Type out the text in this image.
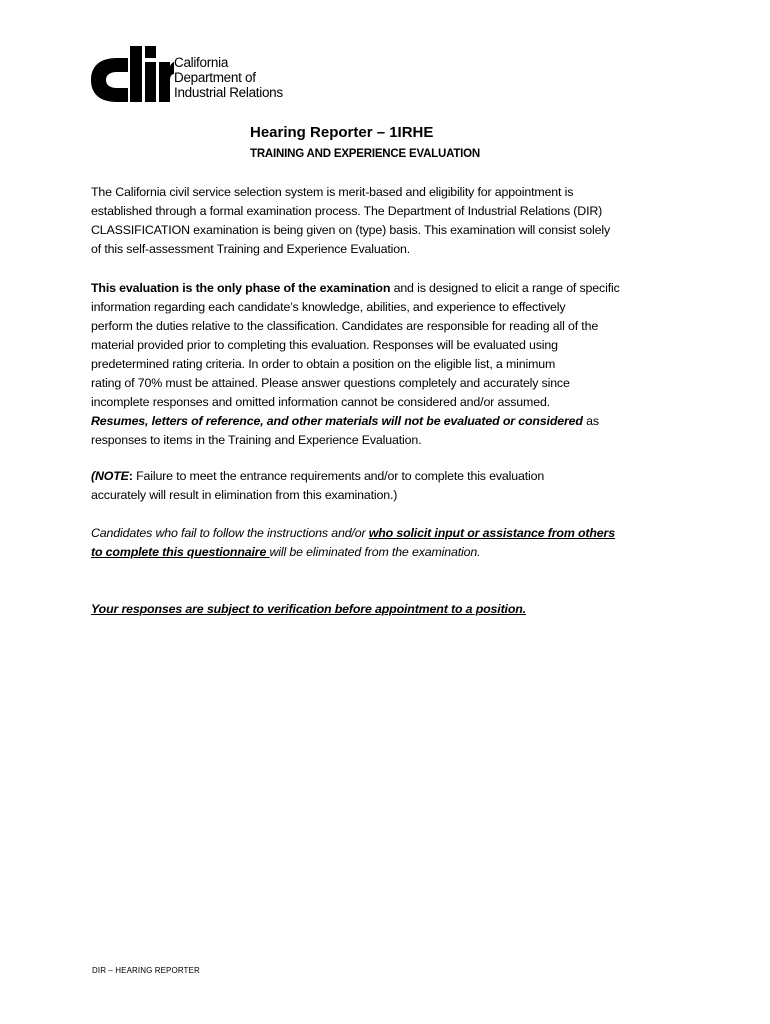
California
Department of
Industrial Relations
Hearing Reporter – 1IRHE
TRAINING AND EXPERIENCE EVALUATION
The California civil service selection system is merit-based and eligibility for appointment is
established through a formal examination process. The Department of Industrial Relations (DIR)
CLASSIFICATION examination is being given on (type) basis. This examination will consist solely
of this self-assessment Training and Experience Evaluation.
This evaluation is the only phase of the examination and is designed to elicit a range of specific
information regarding each candidate’s knowledge, abilities, and experience to effectively
perform the duties relative to the classification. Candidates are responsible for reading all of the
material provided prior to completing this evaluation. Responses will be evaluated using
predetermined rating criteria. In order to obtain a position on the eligible list, a minimum
rating of 70% must be attained. Please answer questions completely and accurately since
incomplete responses and omitted information cannot be considered and/or assumed.
Resumes, letters of reference, and other materials will not be evaluated or considered as
responses to items in the Training and Experience Evaluation.
(NOTE: Failure to meet the entrance requirements and/or to complete this evaluation
accurately will result in elimination from this examination.)
Candidates who fail to follow the instructions and/or who solicit input or assistance from others
to complete this questionnaire will be eliminated from the examination.
Your responses are subject to verification before appointment to a position.
DIR – HEARING REPORTER
